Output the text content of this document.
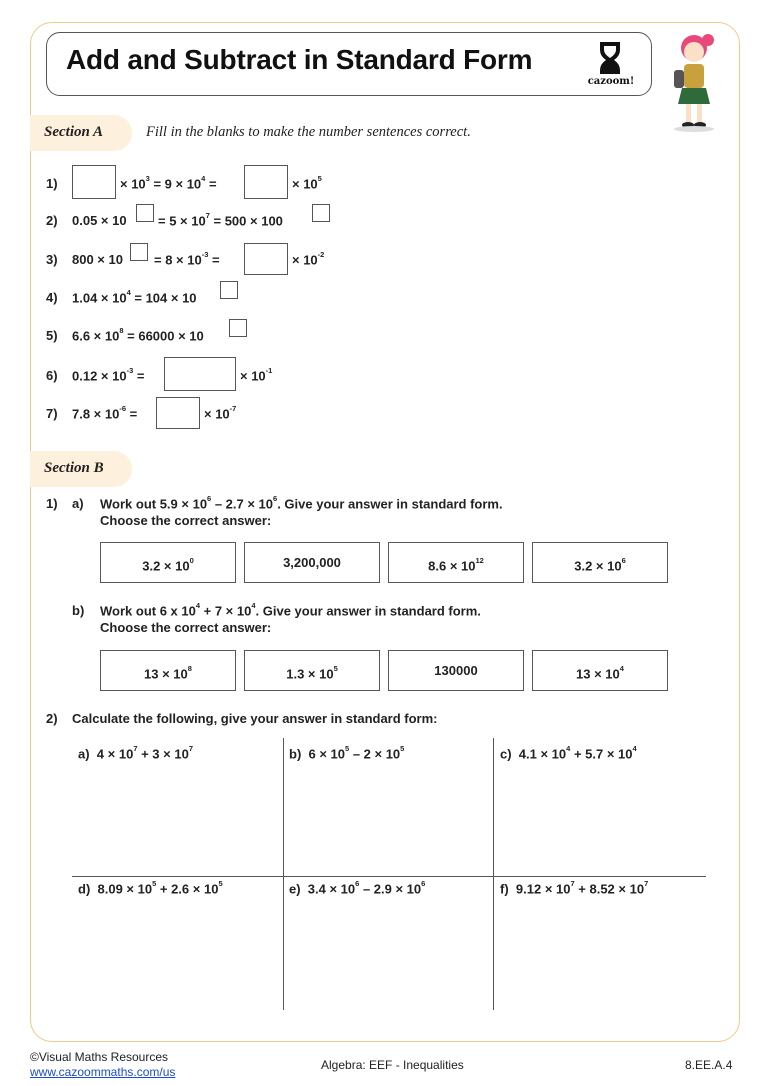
Add and Subtract in Standard Form
cazoom!
Section A	Fill in the blanks to make the number sentences correct.
1)	× $10^3 = 9 \times 10^4$ =	× $10^5$
2) $0.05 \times 10 = 5 \times 10^7 = 500 \times 100$
3) $800 \times 10 = 8 \times 10^{-3}$ =	× $10^{-2}$
4) $1.04 \times 10^4 = 104 \times 10$
5) $6.6 \times 10^8 = 66000 \times 10$
6) $0.12 \times 10^{-3}$ =	× $10^{-1}$
7) $7.8 \times 10^{-6}$ =	× $10^{-7}$
Section B
1) a) Work out $5.9 \times 10^6 - 2.7 \times 10^6$. Give your answer in standard form.
Choose the correct answer:
$3.2 \times 10^0$	3,200,000	$8.6 \times 10^{12}$	$3.2 \times 10^6$
b) Work out 6 x $10^4 + 7 \times 10^4$. Give your answer in standard form.
Choose the correct answer:
$13 \times 10^8$	$1.3 \times 10^5$	130000	$13 \times 10^4$
2) Calculate the following, give your answer in standard form:
a) $4 \times 10^7 + 3 \times 10^7$	b) $6 \times 10^5 - 2 \times 10^5$	c) $4.1 \times 10^4 + 5.7 \times 10^4$
d) $8.09 \times 10^5 + 2.6 \times 10^5$	e) $3.4 \times 10^6 - 2.9 \times 10^6$	f) $9.12 \times 10^7 + 8.52 \times 10^7$
©Visual Maths Resources
www.cazoommaths.com/us	Algebra: EEF - Inequalities	8.EE.A.4
